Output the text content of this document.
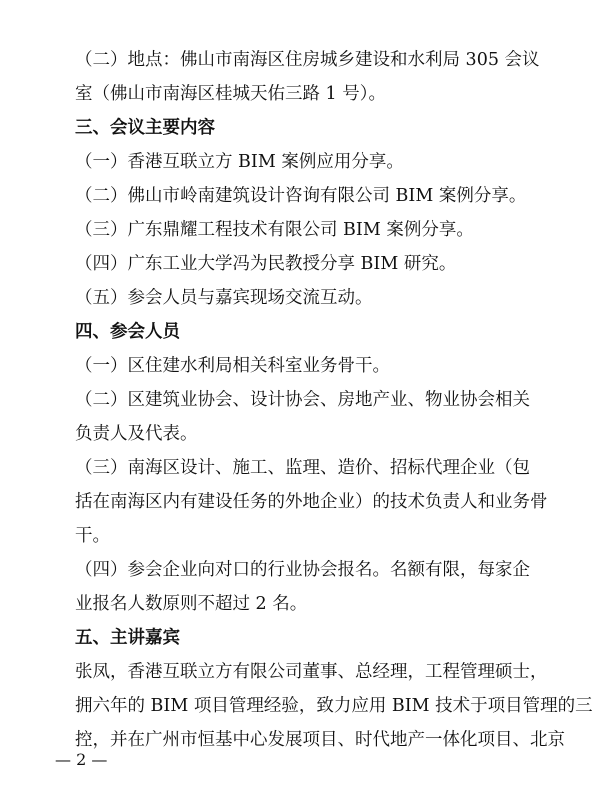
（二）地点：佛山市南海区住房城乡建设和水利局 305 会议
室（佛山市南海区桂城天佑三路 1 号）。
三、会议主要内容
（一）香港互联立方 BIM 案例应用分享。
（二）佛山市岭南建筑设计咨询有限公司 BIM 案例分享。
（三）广东鼎耀工程技术有限公司 BIM 案例分享。
（四）广东工业大学冯为民教授分享 BIM 研究。
（五）参会人员与嘉宾现场交流互动。
四、参会人员
（一）区住建水利局相关科室业务骨干。
（二）区建筑业协会、设计协会、房地产业、物业协会相关
负责人及代表。
（三）南海区设计、施工、监理、造价、招标代理企业（包
括在南海区内有建设任务的外地企业）的技术负责人和业务骨
干。
（四）参会企业向对口的行业协会报名。名额有限，每家企
业报名人数原则不超过 2 名。
五、主讲嘉宾
张凤，香港互联立方有限公司董事、总经理，工程管理硕士，
拥六年的 BIM 项目管理经验，致力应用 BIM 技术于项目管理的三
控，并在广州市恒基中心发展项目、时代地产一体化项目、北京
— 2 —
